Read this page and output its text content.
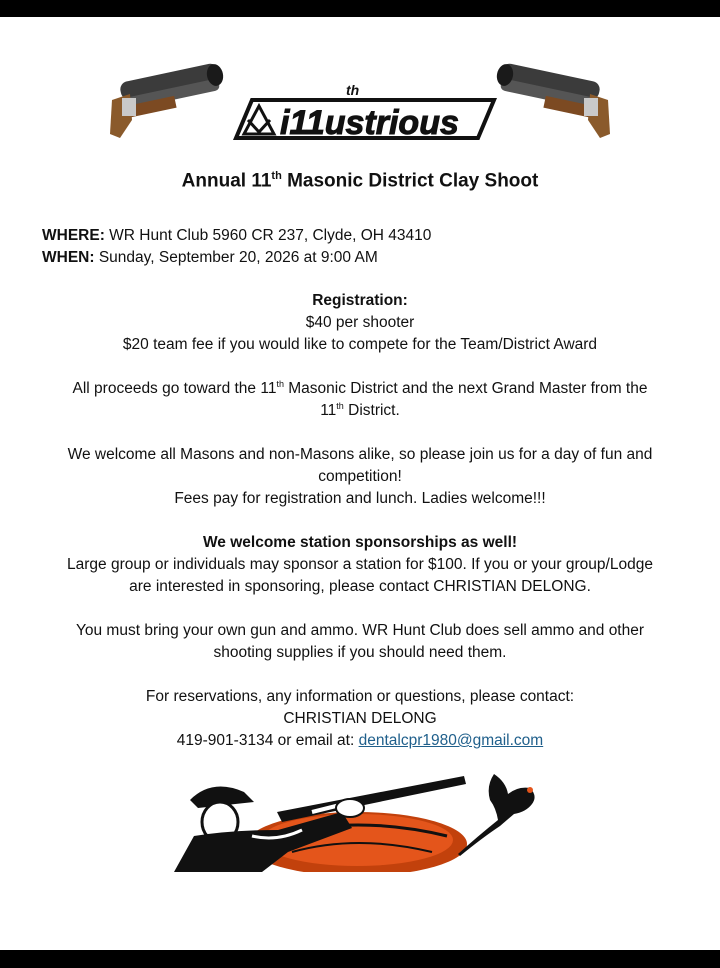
th
i11ustrious
Annual 11th Masonic District Clay Shoot
WHERE: WR Hunt Club 5960 CR 237, Clyde, OH 43410
WHEN: Sunday, September 20, 2026 at 9:00 AM
Registration:
$40 per shooter
$20 team fee if you would like to compete for the Team/District Award
All proceeds go toward the 11th Masonic District and the next Grand Master from the
11th District.
We welcome all Masons and non-Masons alike, so please join us for a day of fun and
competition!
Fees pay for registration and lunch. Ladies welcome!!!
We welcome station sponsorships as well!
Large group or individuals may sponsor a station for $100. If you or your group/Lodge
are interested in sponsoring, please contact CHRISTIAN DELONG.
You must bring your own gun and ammo. WR Hunt Club does sell ammo and other
shooting supplies if you should need them.
For reservations, any information or questions, please contact:
CHRISTIAN DELONG
419-901-3134 or email at: dentalcpr1980@gmail.com
